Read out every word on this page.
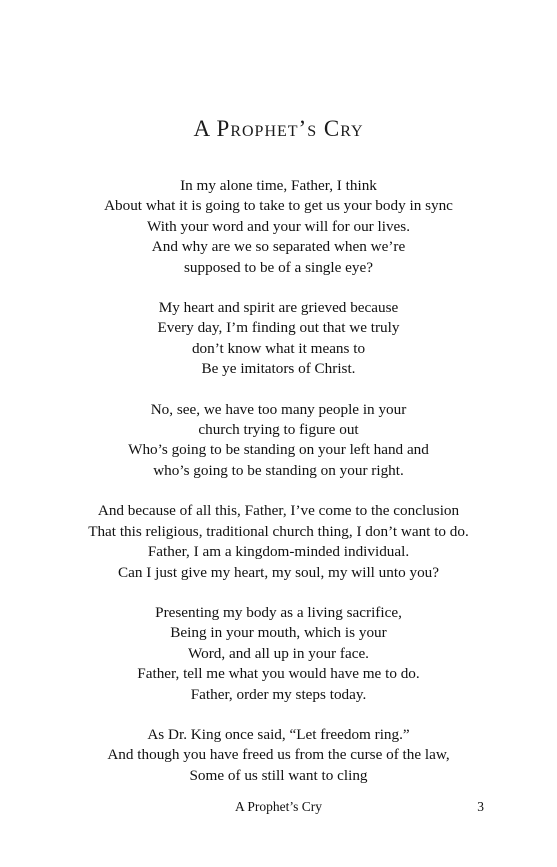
A Prophet’s Cry
In my alone time, Father, I think
About what it is going to take to get us your body in sync
With your word and your will for our lives.
And why are we so separated when we’re
supposed to be of a single eye?
My heart and spirit are grieved because
Every day, I’m finding out that we truly
don’t know what it means to
Be ye imitators of Christ.
No, see, we have too many people in your
church trying to figure out
Who’s going to be standing on your left hand and
who’s going to be standing on your right.
And because of all this, Father, I’ve come to the conclusion
That this religious, traditional church thing, I don’t want to do.
Father, I am a kingdom-minded individual.
Can I just give my heart, my soul, my will unto you?
Presenting my body as a living sacrifice,
Being in your mouth, which is your
Word, and all up in your face.
Father, tell me what you would have me to do.
Father, order my steps today.
As Dr. King once said, “Let freedom ring.”
And though you have freed us from the curse of the law,
Some of us still want to cling
A Prophet’s Cry	3
